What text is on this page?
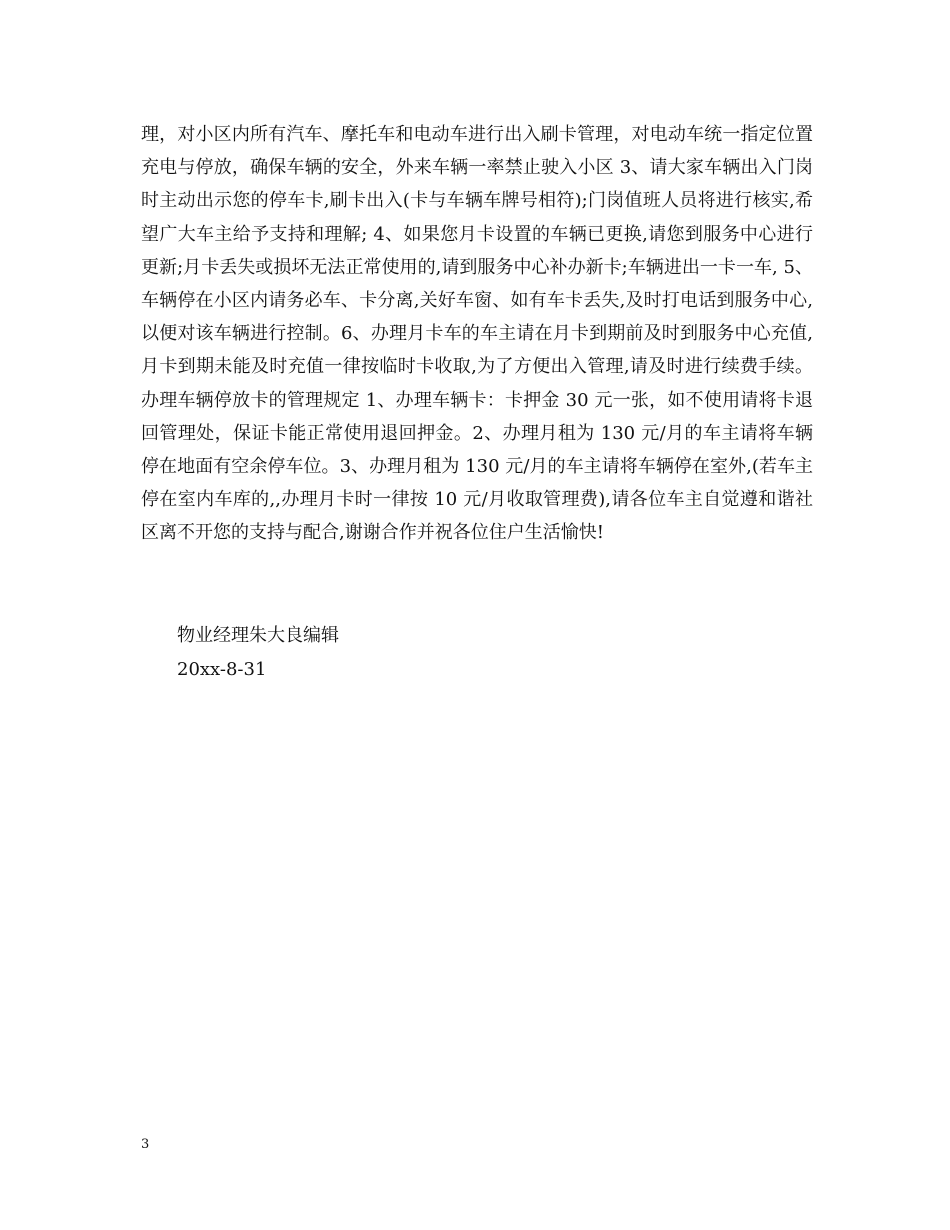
理，对小区内所有汽车、摩托车和电动车进行出入刷卡管理，对电动车统一指定位置充电与停放，确保车辆的安全，外来车辆一率禁止驶入小区 3、请大家车辆出入门岗时主动出示您的停车卡,刷卡出入(卡与车辆车牌号相符);门岗值班人员将进行核实,希望广大车主给予支持和理解; 4、如果您月卡设置的车辆已更换,请您到服务中心进行更新;月卡丢失或损坏无法正常使用的,请到服务中心补办新卡;车辆进出一卡一车, 5、车辆停在小区内请务必车、卡分离,关好车窗、如有车卡丢失,及时打电话到服务中心,以便对该车辆进行控制。6、办理月卡车的车主请在月卡到期前及时到服务中心充值,月卡到期未能及时充值一律按临时卡收取,为了方便出入管理,请及时进行续费手续。办理车辆停放卡的管理规定 1、办理车辆卡：卡押金 30 元一张，如不使用请将卡退回管理处，保证卡能正常使用退回押金。2、办理月租为 130 元/月的车主请将车辆停在地面有空余停车位。3、办理月租为 130 元/月的车主请将车辆停在室外,(若车主停在室内车库的,,办理月卡时一律按 10 元/月收取管理费),请各位车主自觉遵和谐社区离不开您的支持与配合,谢谢合作并祝各位住户生活愉快!

物业经理朱大良编辑

20xx-8-31

3
